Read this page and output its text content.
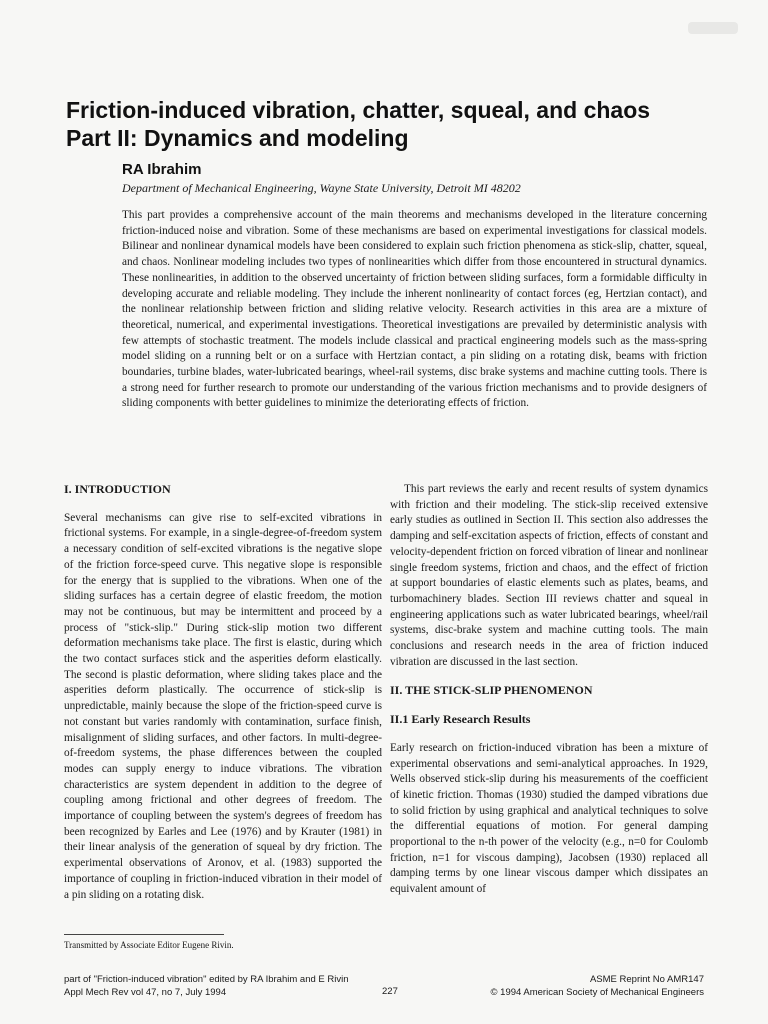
Friction-induced vibration, chatter, squeal, and chaos
Part II: Dynamics and modeling
RA Ibrahim
Department of Mechanical Engineering, Wayne State University, Detroit MI 48202
This part provides a comprehensive account of the main theorems and mechanisms developed in the literature concerning friction-induced noise and vibration. Some of these mechanisms are based on experimental investigations for classical models. Bilinear and nonlinear dynamical models have been considered to explain such friction phenomena as stick-slip, chatter, squeal, and chaos. Nonlinear modeling includes two types of nonlinearities which differ from those encountered in structural dynamics. These nonlinearities, in addition to the observed uncertainty of friction between sliding surfaces, form a formidable difficulty in developing accurate and reliable modeling. They include the inherent nonlinearity of contact forces (eg, Hertzian contact), and the nonlinear relationship between friction and sliding relative velocity. Research activities in this area are a mixture of theoretical, numerical, and experimental investigations. Theoretical investigations are prevailed by deterministic analysis with few attempts of stochastic treatment. The models include classical and practical engineering models such as the mass-spring model sliding on a running belt or on a surface with Hertzian contact, a pin sliding on a rotating disk, beams with friction boundaries, turbine blades, water-lubricated bearings, wheel-rail systems, disc brake systems and machine cutting tools. There is a strong need for further research to promote our understanding of the various friction mechanisms and to provide designers of sliding components with better guidelines to minimize the deteriorating effects of friction.

I. INTRODUCTION

Several mechanisms can give rise to self-excited vibrations in frictional systems. For example, in a single-degree-of-freedom system a necessary condition of self-excited vibrations is the negative slope of the friction force-speed curve. This negative slope is responsible for the energy that is supplied to the vibrations. When one of the sliding surfaces has a certain degree of elastic freedom, the motion may not be continuous, but may be intermittent and proceed by a process of "stick-slip." During stick-slip motion two different deformation mechanisms take place. The first is elastic, during which the two contact surfaces stick and the asperities deform elastically. The second is plastic deformation, where sliding takes place and the asperities deform plastically. The occurrence of stick-slip is unpredictable, mainly because the slope of the friction-speed curve is not constant but varies randomly with contamination, surface finish, misalignment of sliding surfaces, and other factors. In multi-degree-of-freedom systems, the phase differences between the coupled modes can supply energy to induce vibrations. The vibration characteristics are system dependent in addition to the degree of coupling among frictional and other degrees of freedom. The importance of coupling between the system's degrees of freedom has been recognized by Earles and Lee (1976) and by Krauter (1981) in their linear analysis of the generation of squeal by dry friction. The experimental observations of Aronov, et al. (1983) supported the importance of coupling in friction-induced vibration in their model of a pin sliding on a rotating disk.

This part reviews the early and recent results of system dynamics with friction and their modeling. The stick-slip received extensive early studies as outlined in Section II. This section also addresses the damping and self-excitation aspects of friction, effects of constant and velocity-dependent friction on forced vibration of linear and nonlinear single freedom systems, friction and chaos, and the effect of friction at support boundaries of elastic elements such as plates, beams, and turbomachinery blades. Section III reviews chatter and squeal in engineering applications such as water lubricated bearings, wheel/rail systems, disc-brake system and machine cutting tools. The main conclusions and research needs in the area of friction induced vibration are discussed in the last section.

II. THE STICK-SLIP PHENOMENON

II.1 Early Research Results

Early research on friction-induced vibration has been a mixture of experimental observations and semi-analytical approaches. In 1929, Wells observed stick-slip during his measurements of the coefficient of kinetic friction. Thomas (1930) studied the damped vibrations due to solid friction by using graphical and analytical techniques to solve the differential equations of motion. For general damping proportional to the n-th power of the velocity (e.g., n=0 for Coulomb friction, n=1 for viscous damping), Jacobsen (1930) replaced all damping terms by one linear viscous damper which dissipates an equivalent amount of

Transmitted by Associate Editor Eugene Rivin.
part of "Friction-induced vibration" edited by RA Ibrahim and E Rivin
Appl Mech Rev vol 47, no 7, July 1994	227
ASME Reprint No AMR147
© 1994 American Society of Mechanical Engineers
